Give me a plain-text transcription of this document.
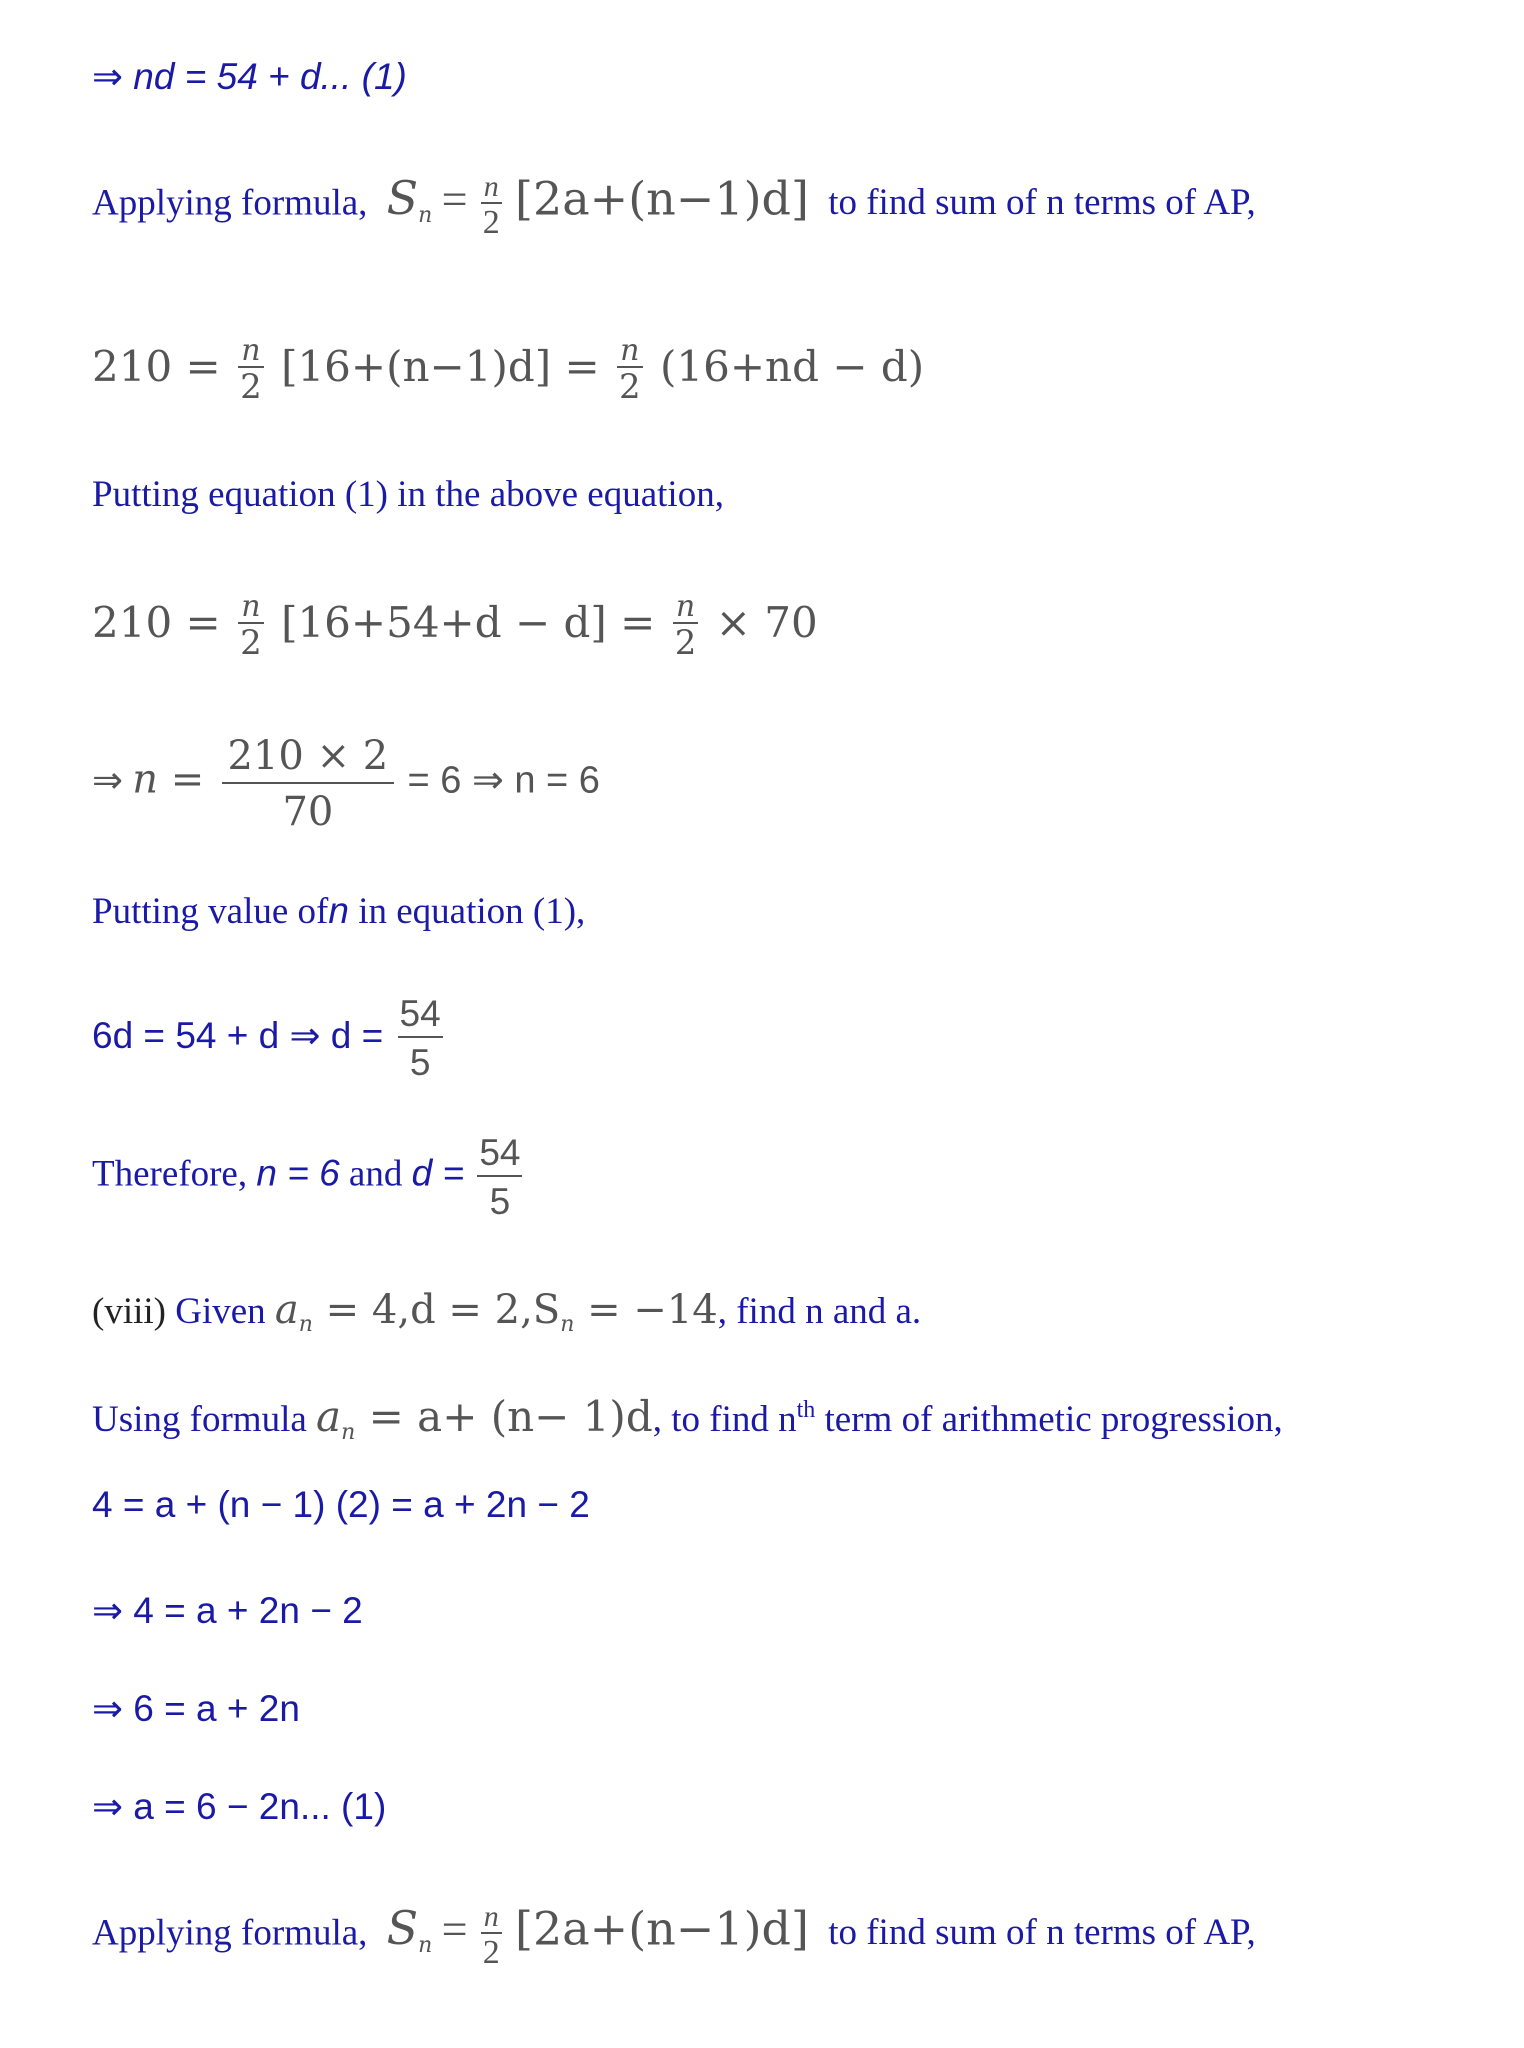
⇒ nd = 54 + d... (1)
Applying formula, $S_n = \frac{n}{2} [2a+(n-1)d]$ to find sum of n terms of AP,
$210 = \frac{n}{2} [16+(n-1)d] = \frac{n}{2} (16+nd - d)$
Putting equation (1) in the above equation,
$210 = \frac{n}{2} [16+54+d - d] = \frac{n}{2} \times 70$
⇒ $n = \frac{210 \times 2}{70} = 6$ ⇒ n = 6
Putting value ofn in equation (1),
6d = 54 + d ⇒ $d = \frac{54}{5}$
Therefore, n = 6 and $d = \frac{54}{5}$
(viii) Given $a_n = 4,d = 2,S_n = -14$, find n and a.
Using formula $a_n = a+ (n- 1)d$, to find $n^{th}$ term of arithmetic progression,
4 = a + (n − 1) (2) = a + 2n − 2
⇒ 4 = a + 2n − 2
⇒ 6 = a + 2n
⇒ a = 6 − 2n... (1)
Applying formula, $S_n = \frac{n}{2} [2a+(n-1)d]$ to find sum of n terms of AP,
